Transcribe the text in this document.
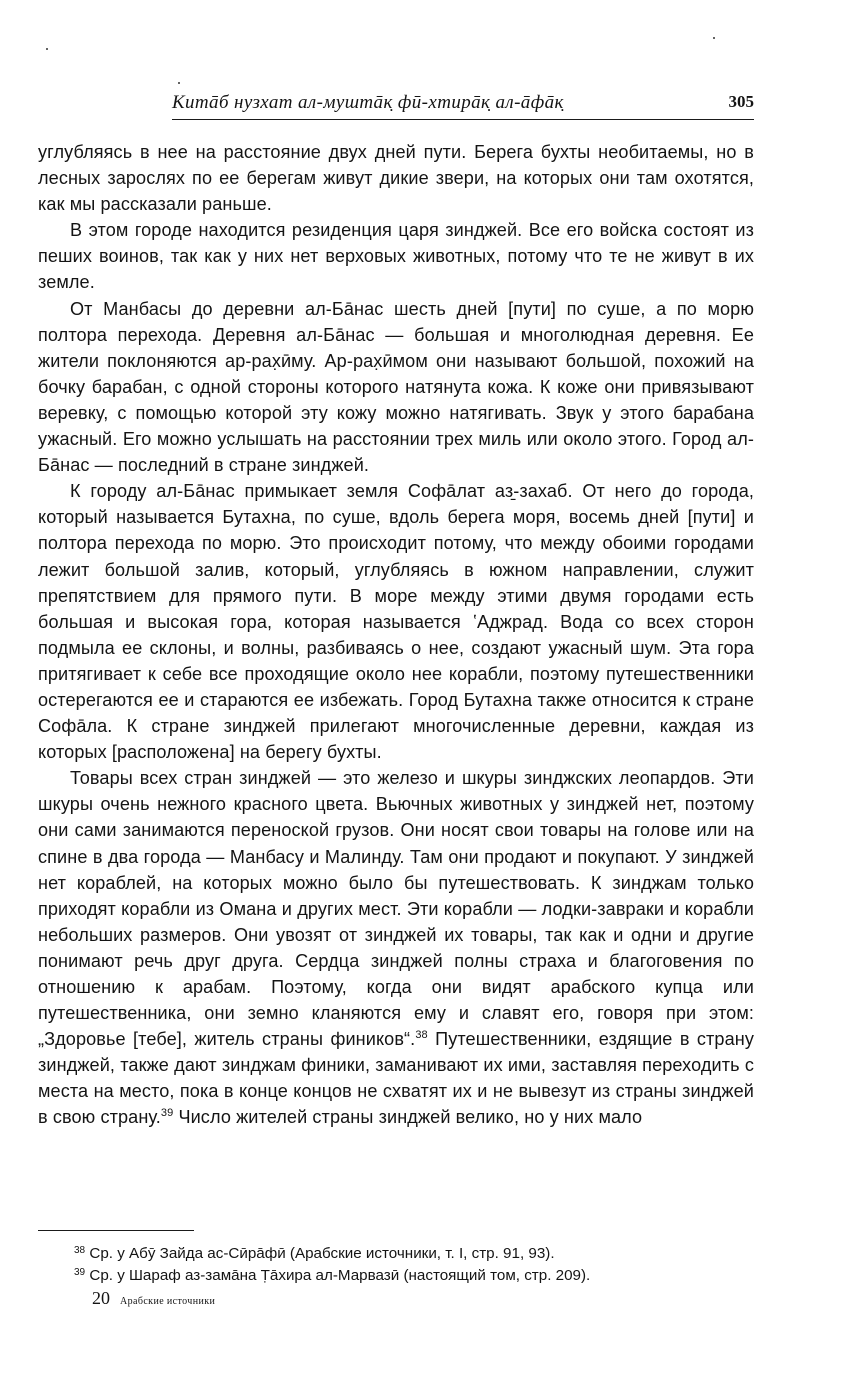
Китāб нузхат ал-муштāк̣ фӣ-хтирāк̣ ал-āфāк̣	305

углубляясь в нее на расстояние двух дней пути. Берега бухты необитаемы, но в лесных зарослях по ее берегам живут дикие звери, на которых они там охотятся, как мы рассказали раньше.

В этом городе находится резиденция царя зинджей. Все его войска состоят из пеших воинов, так как у них нет верховых животных, потому что те не живут в их земле.

От Манбасы до деревни ал-Бāнас шесть дней [пути] по суше, а по морю полтора перехода. Деревня ал-Бāнас — большая и многолюдная деревня. Ее жители поклоняются ар-рах̣ӣму. Ар-рах̣ӣмом они называют большой, похожий на бочку барабан, с одной стороны которого натянута кожа. К коже они привязывают веревку, с помощью которой эту кожу можно натягивать. Звук у этого барабана ужасный. Его можно услышать на расстоянии трех миль или около этого. Город ал-Бāнас — последний в стране зинджей.

К городу ал-Бāнас примыкает земля Софāлат аз̱-захаб. От него до города, который называется Бутахна, по суше, вдоль берега моря, восемь дней [пути] и полтора перехода по морю. Это происходит потому, что между обоими городами лежит большой залив, который, углубляясь в южном направлении, служит препятствием для прямого пути. В море между этими двумя городами есть большая и высокая гора, которая называется ʽАджрад. Вода со всех сторон подмыла ее склоны, и волны, разбиваясь о нее, создают ужасный шум. Эта гора притягивает к себе все проходящие около нее корабли, поэтому путешественники остерегаются ее и стараются ее избежать. Город Бутахна также относится к стране Софāла. К стране зинджей прилегают многочисленные деревни, каждая из которых [расположена] на берегу бухты.

Товары всех стран зинджей — это железо и шкуры зинджских леопардов. Эти шкуры очень нежного красного цвета. Вьючных животных у зинджей нет, поэтому они сами занимаются переноской грузов. Они носят свои товары на голове или на спине в два города — Манбасу и Малинду. Там они продают и покупают. У зинджей нет кораблей, на которых можно было бы путешествовать. К зинджам только приходят корабли из Омана и других мест. Эти корабли — лодки-завраки и корабли небольших размеров. Они увозят от зинджей их товары, так как и одни и другие понимают речь друг друга. Сердца зинджей полны страха и благоговения по отношению к арабам. Поэтому, когда они видят арабского купца или путешественника, они земно кланяются ему и славят его, говоря при этом: „Здоровье [тебе], житель страны фиников“.$^{38}$ Путешественники, ездящие в страну зинджей, также дают зинджам финики, заманивают их ими, заставляя переходить с места на место, пока в конце концов не схватят их и не вывезут из страны зинджей в свою страну.$^{39}$ Число жителей страны зинджей велико, но у них мало

$^{38}$ Ср. у Абӯ Зайда ас-Сӣрāфӣ (Арабские источники, т. I, стр. 91, 93).
$^{39}$ Ср. у Шараф аз-замāна Т̣āхира ал-Марвазӣ (настоящий том, стр. 209).
20 Арабские источники
